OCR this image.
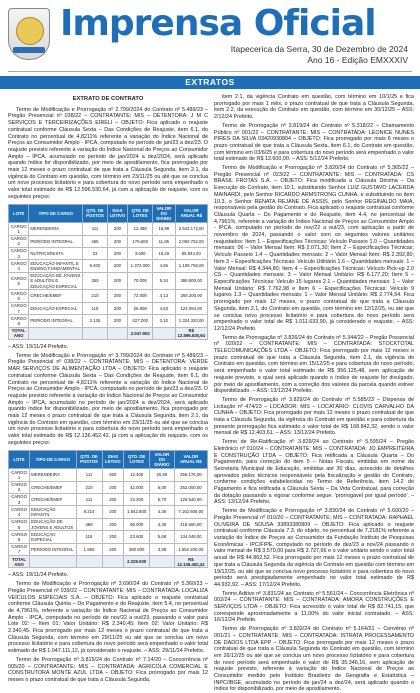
Imprensa Oficial
Itapecerica da Serra, 30 de Dezembro de 2024
Ano 16 - Edição EMXXXIV
EXTRATOS

EXTRATO DE CONTRATO

Termo de Modificação e Prorrogação nº 2.799/2024 do Contrato nº 5.489/23 – Pregão Presencial nº 038/22 – CONTRATANTE: MIS – DETENTORA: J M C SERVIÇOS E TERCEIRIZAÇÕES EIRELI – OBJETO: Fica aplicado o reajuste contratual conforme Cláusula Sexta – Das Condições de Reajuste, item 6.1, do Contrato no percentual de 4,8211% referente a variação do Índice Nacional de Preços ao Consumidor Amplo - IPCA, computado no período de jan/23 a dez/23. O reajuste previsto referente à variação do Índice Nacional de Preços ao Consumidor Amplo – IPCA, acumulado no período de jan/2024 a dez/2024, será aplicado quando índice for disponibilizado, por meio de apostilamento, fica prorrogado por mais 12 meses o prazo contratual de que trata a Cláusula Segunda, item 2.1, da vigência do Contrato em questão, com término em 23/11/25 ou até que se conclua um novo processo licitatório e para cobertura do novo período será empenhado o valor total estimado de R$ 12.596.530,64, já com a aplicação do reajuste, com os seguintes preços:

LOTE	TIPO DE CARGO	QTD. DE POSTOS	DIAS LETIVO	QTD. DE LOTES	VALOR DO DIÁRIO	VALOR ANUAL R$
CARGO 1	MERENDEIRA	111	200	12.480	16,99	2.543.172,00
CARGO 2	PERÍODO INTEGRAL	465	200	176.600	11,95	2.092.752,00
CARGO 3	NUTRICIONISTA	23	200	3.600	18,29	65.844,00
CARGO 4	EDUCAÇÃO INFANTIL E ENSINO FUNDAMENTAL	6.400	200	1.372.000	4,86	1.109.758,00
CARGO 5	EDUCAÇÃO DE JOVENS E ADULTOS E EDUCAÇÃO ESPECIAL	350	200	70.000	5,34	386.800,00
CARGO 6	CRECHE/EMEF	210	200	72.000	4,13	250.200,00
CARGO 7	EDUCAÇÃO ESPECIAL	118	200	26.800	4,63	124.084,00
CARGO 8	PERÍODO INTEGRAL	2.136	200	427.200	3,10	1.324.320,00
TOTAL ANO				2.047.902		R$ 12.596.530,64

– ASS: 19/11/24 Prefeito.

Termo de Modificação e Prorrogação nº 3.799/2024 do Contrato nº 5.489/23 – Pregão Presencial nº 038/22 – CONTRATANTE: MIS – DETENTORA: VERDE MAR SERVIÇOS DE ALIMENTAÇÃO LTDA – OBJETO: Fica aplicado o reajuste contratual conforme Cláusula Sexta – Das Condições de Reajuste, item 6.1, do Contrato no percentual de 4,8211% referente a variação do Índice Nacional de Preços ao Consumidor Amplo - IPCA, computado no período de jan/23 a dez/23. O reajuste previsto referente à variação do Índice Nacional de Preços ao Consumidor Amplo – IPCA, acumulado no período de jan/2024 a dez/2024, será aplicado quando índice for disponibilizado, por meio de apostilamento, fica prorrogado por mais 12 meses o prazo contratual de que trata a Cláusula Segunda, item 2.1, da vigência do Contrato em questão, com término em 23/11/25 ou até que se conclua um novo processo licitatório e para cobertura do novo período será empenhado o valor total estimado de R$ 12.136.452,42, já com a aplicação do reajuste, com os seguintes preços:

LOTE	TIPO DE CARGO	QTD. DE POSTOS	DIAS LETIVO	QTD. DE LOTES	VALOR DO DIÁRIO	VALOR ANUAL R$
CARGO 1	MERENDEIRA	111	200	12.400	20,59	256.176,00
CARGO 2	CRECHE/EMEF	210	200	42.000	6,00	252.000,00
CARGO 3	CRECHE/EMEF	111	200	22.200	5,70	126.540,00
CARGO 4	EDUCAÇÃO INFANTIL	8.214	200	1.642.800	4,36	7.162.608,00
CARGO 5	EDUCAÇÃO DE JOVENS E ADULTOS	480	200	96.000	4,36	418.560,00
CARGO 6	EDUCAÇÃO ESPECIAL	118	200	23.600	5,68	134.048,00
CARGO 7	PERÍODO INTEGRAL	1.950	200	390.000	3,98	1.552.200,00
TOTAL ANO				2.229.000		R$ 12.136.452,42

– ASS: 19/11/24 Prefeito.

Termo de Modificação e Prorrogação nº 3.690/24 do Contrato nº 5.360/23 – Pregão Presencial nº 039/22 – CONTRATANTE: MIS – CONTRATADA: LOCALIZA VEÍCULOS ESPECIAIS S.A. – OBJETO: Fica aplicado o reajuste contratual conforme Cláusula Quinta – Do Pagamento e do Reajuste, item 5.4, no percentual de 4,7961%, referente a variação do Índice Nacional de Preços ao Consumidor Amplo - IPCA, computado no período de nov/22 a out/23, passando o valor para Lote 02: – Item 01: Valor Unitário: R$ 2.340,45; Item 02: Valor Unitário: R$ 2.340,45. Fica prorrogado por mais 12 meses o prazo contratual de que trata a Cláusula Segunda, com término em 29/11/25 ou até que se conclua um novo processo licitatório e para cobertura do novo período será empenhado o valor total estimado de R$ 1.047.111,12, já considerado o reajuste. – ASS: 29/11/24 Prefeito.

Termo de Prorrogação nº 3.815/24 do Contrato nº 7.14/20 – Concorrência nº 005/20 – CONTRATANTE: MIS – CONTRATADA: AGRICOLA COMERCIAL E CONSTRUTORA MONTE AZUL LTDA – OBJETO: Fica prorrogado por mais 12 meses o prazo contratual de que trata a Cláusula Segunda,

item 2.1, da vigência Contrato em questão, com término em 10/1/25 e fica prorrogado por mais 1 mês, o prazo contratual de que trata a Cláusula Segunda, item 2.2, da execução do Contrato em questão, com término em 30/12/25 – ASS: 2/12/24 Prefeito.

Termo de Prorrogação nº 3.819/24 do Contrato nº 5.318/22 – Chamamento Público nº 001/22 – CONTRATANTE: MIS – CONTRATADA: LEONICE NUNES PIRES DA SILVA 03420930804 – OBJETO: Fica prorrogado por mais 6 meses o prazo contratual de que trata a Cláusula Sexta, item 6.1, do Contrato em questão, com término em 03/6/25 e para cobertura do novo período será empenhado o valor total estimado de R$ 12.600,00. – ASS: 5/12/24 Prefeito.

Termo de Modificação e Prorrogação nº 3.820/24 do Contrato nº 5.365/22 – Pregão Presencial nº 023/22 – CONTRATANTE: MIS – CONTRATADA: CS BRASIL FROTAS S.A. – OBJETO: Fica modificada a Cláusula Décima – Da Execução do Contrato, item 10.1, substituindo Senhor LUIZ GUSTAVO LACERDA MAINARDI, pelo Senhor RICARDO ARMSTRONG CUNHA, e substituindo no item 10.3, o Senhor RENATA REJANE DE ASSIS, pelo Senhor REGINALDO MAIA, responsáveis pela gestão do Contrato. Fica aplicado o reajuste contratual conforme Cláusula Quarta – Do Pagamento e do Reajuste, item 4.4, no percentual de 4,7961%, referente a variação do Índice Nacional de Preços ao Consumidor Amplo - IPCA, computado no período de nov/22 a out/23, com aplicação a partir de novembro de 2024, passando o valor com os seguintes valores unitários reajustados: Item 1 – Especificações Técnicas: Veículo Passeio 1.0 – Quantidades mensais: 06 – Valor Mensal Item: R$ 2.071,30; Item 2 – Especificações Técnicas: Veículo Passeio 1.4 – Quantidades mensais: 2 – Valor Mensal Item: R$ 2.392,80; Item 3 – Especificações Técnicas: Veículo Utilitário 1.6 – Quantidades mensais: 1 – Valor Mensal: R$ 4.344,80; Item 4 – Especificações Técnicas: Veículo Pick-up 2.0 CS – Quantidades mensais: 3 – Valor Mensal Unitário: R$ 6.177,20; Item 5 – Especificações Técnicas: Veículo 15 lugares 2.1 – Quantidades mensais: 1 – Valor Mensal Unitário: R$ 7.762,98 e Item 6 – Especificações Técnicas: Veículo 9 lugares 1.3 – Quantidades mensais: 1 – Valor Mensal Unitário: R$ 2.774,54. Fica prorrogado por mais 12 meses, o prazo contratual de que trata a Cláusula Segunda, item 2.1, do Contrato em questão, com término em 12/12/25, ou até que se conclua novo processo licitatório e para cobertura do novo período será empenhado o valor total de R$ 1.011.633,90, já considerado o reajuste. – ASS: 12/12/24 Prefeito.

Termo de Prorrogação nº 3.826/24 do Contrato nº 5.344/22 – Pregão Presencial nº 020/22 – CONTRATANTE: MIS – CONTRATADA: STOCKTOTAL TELECOMUNICAÇÕES LTDA – OBJETO: Fica prorrogado por mais 12 meses o prazo contratual de que trata a Cláusula Segunda, item 2.1, da vigência do Contrato em questão, com término em 15/12/25 e para cobertura do novo período, será empenhado o valor total estimado de R$ 956.125,48, sem aplicação de reajuste previsto, o qual será aplicado quando o índice de reajuste for divulgado, por meio de apostilamento, com a correção dos valores da parcela quando estiver disponibilizado. – ASS: 13/12/24 Prefeito.

Termo de Prorrogação nº 3.829/24 do Contrato nº 5.585/23 – Dispensa de Licitação nº 474/23 – LOCADOR: MIS – LOCATÁRIO: CLOVIS CARVALHO DA CUNHA – OBJETO: Fica prorrogado por mais 12 meses o prazo contratual de que trata a Cláusula Segunda, da vigência do Contrato em questão e para cobertura da presente prorrogação fica estimado o valor total de R$ 168.842,32, sendo o valor mensal de R$ 12.403,61. – ASS: 13/12/24 Prefeito.

Termo de Re-Ratificação nº 3.829/24 ao Contrato nº 5.595/24 – Pregão Eletrônico nº 010/24 – CONTRATANTE: MIS – CONTRATADA: JO EMPREITEIRA E CONSTRUÇÃO LTDA – OBJETO: Fica retificada a Cláusula Quarta – Do Pagamento, para correção do item 5 – Notas Fiscais, emitidas em nome da Secretaria Municipal de Educação, emitidas até 30 dias, acrescido de detalhes aprovados pelos técnicos responsáveis pela fiscalização e gestão do Contrato, conforme condições estabelecidas no Termo de Referência, item 14.2 do Pagamento e fica retificada a Cláusula Sexta – Da Vida Contratual, para correção da dotação passando a vigorar conforme segue: 'prorrogável por igual período'. – ASS: 13/12/24 Prefeito.

Termo de Modificação e Prorrogação nº 3.830/24 do Contrato nº 5.600/20 – Pregão Presencial nº 010/20 – CONTRATANTE: MIS – CONTRATADA: RAPHAEL OLIVEIRA DE SOUSA 33893380809 – OBJETO: Fica aplicado o reajuste contratual conforme Cláusula 7.3, do objeto, no percentual de 7,2181% referente a variação do Índice de Preços ao Consumidor da Fundação Instituto de Pesquisas Econômicas - IPC/FIPE, computado no período de dez/23 a nov/24 passando o valor mensal de R$ 3.570,00 para R$ 3.727,66 e o valor unitário sendo o valor total anual de R$ 44.862,52. Fica prorrogado por mais 12 meses o prazo contratual de que trata a Cláusula Segunda da vigência do Contrato em questão com término em 19/12/25, ou até que se conclua novo processo licitatório e para cobertura do novo período será prestigiadamente empenhado no valor total estimado de R$ 44.932,92. – ASS: 17/12/24 Prefeito.

Termo Aditivo nº 3.831/24 ao Contrato nº 5.561/24 – Concorrência Eletrônica nº 002/24 – CONTRATANTE: MIS – CONTRATADA: AMORA CONSTRUÇÕES E SERVIÇOS LTDA – OBJETO: Fica acrescido o valor total de R$ 82.741,15, que corresponde aproximadamente a 11,00% do valor inicial contratado. – ASS: 16/12/24 Prefeito.

Termo de Prorrogação nº 3.832/24 do Contrato nº 5.164/21 – Convênio nº 001/21 – CONTRATANTE: MIS – CONTRATADA: ISTRATA PROCESSAMENTO DE DADOS LTDA EPP – OBJETO: Fica prorrogado por mais 12 meses o prazo contratual de que trata a Cláusula Segunda do Contrato em questão, com término em 26/12/25 ou até que se conclua um novo processo licitatório e para cobertura do novo período será empenhado o valor de R$ 35.346,16, sem aplicação de reajuste previsto, referente à variação do Índice Nacional de Preços ao Consumidor medido pelo Instituto Brasileiro de Geografia e Estatística – INPC/IBGE, acumulado no período de jan/24 a dez/24, será aplicado quando o índice for disponibilizado, por meio de apostilamento.
